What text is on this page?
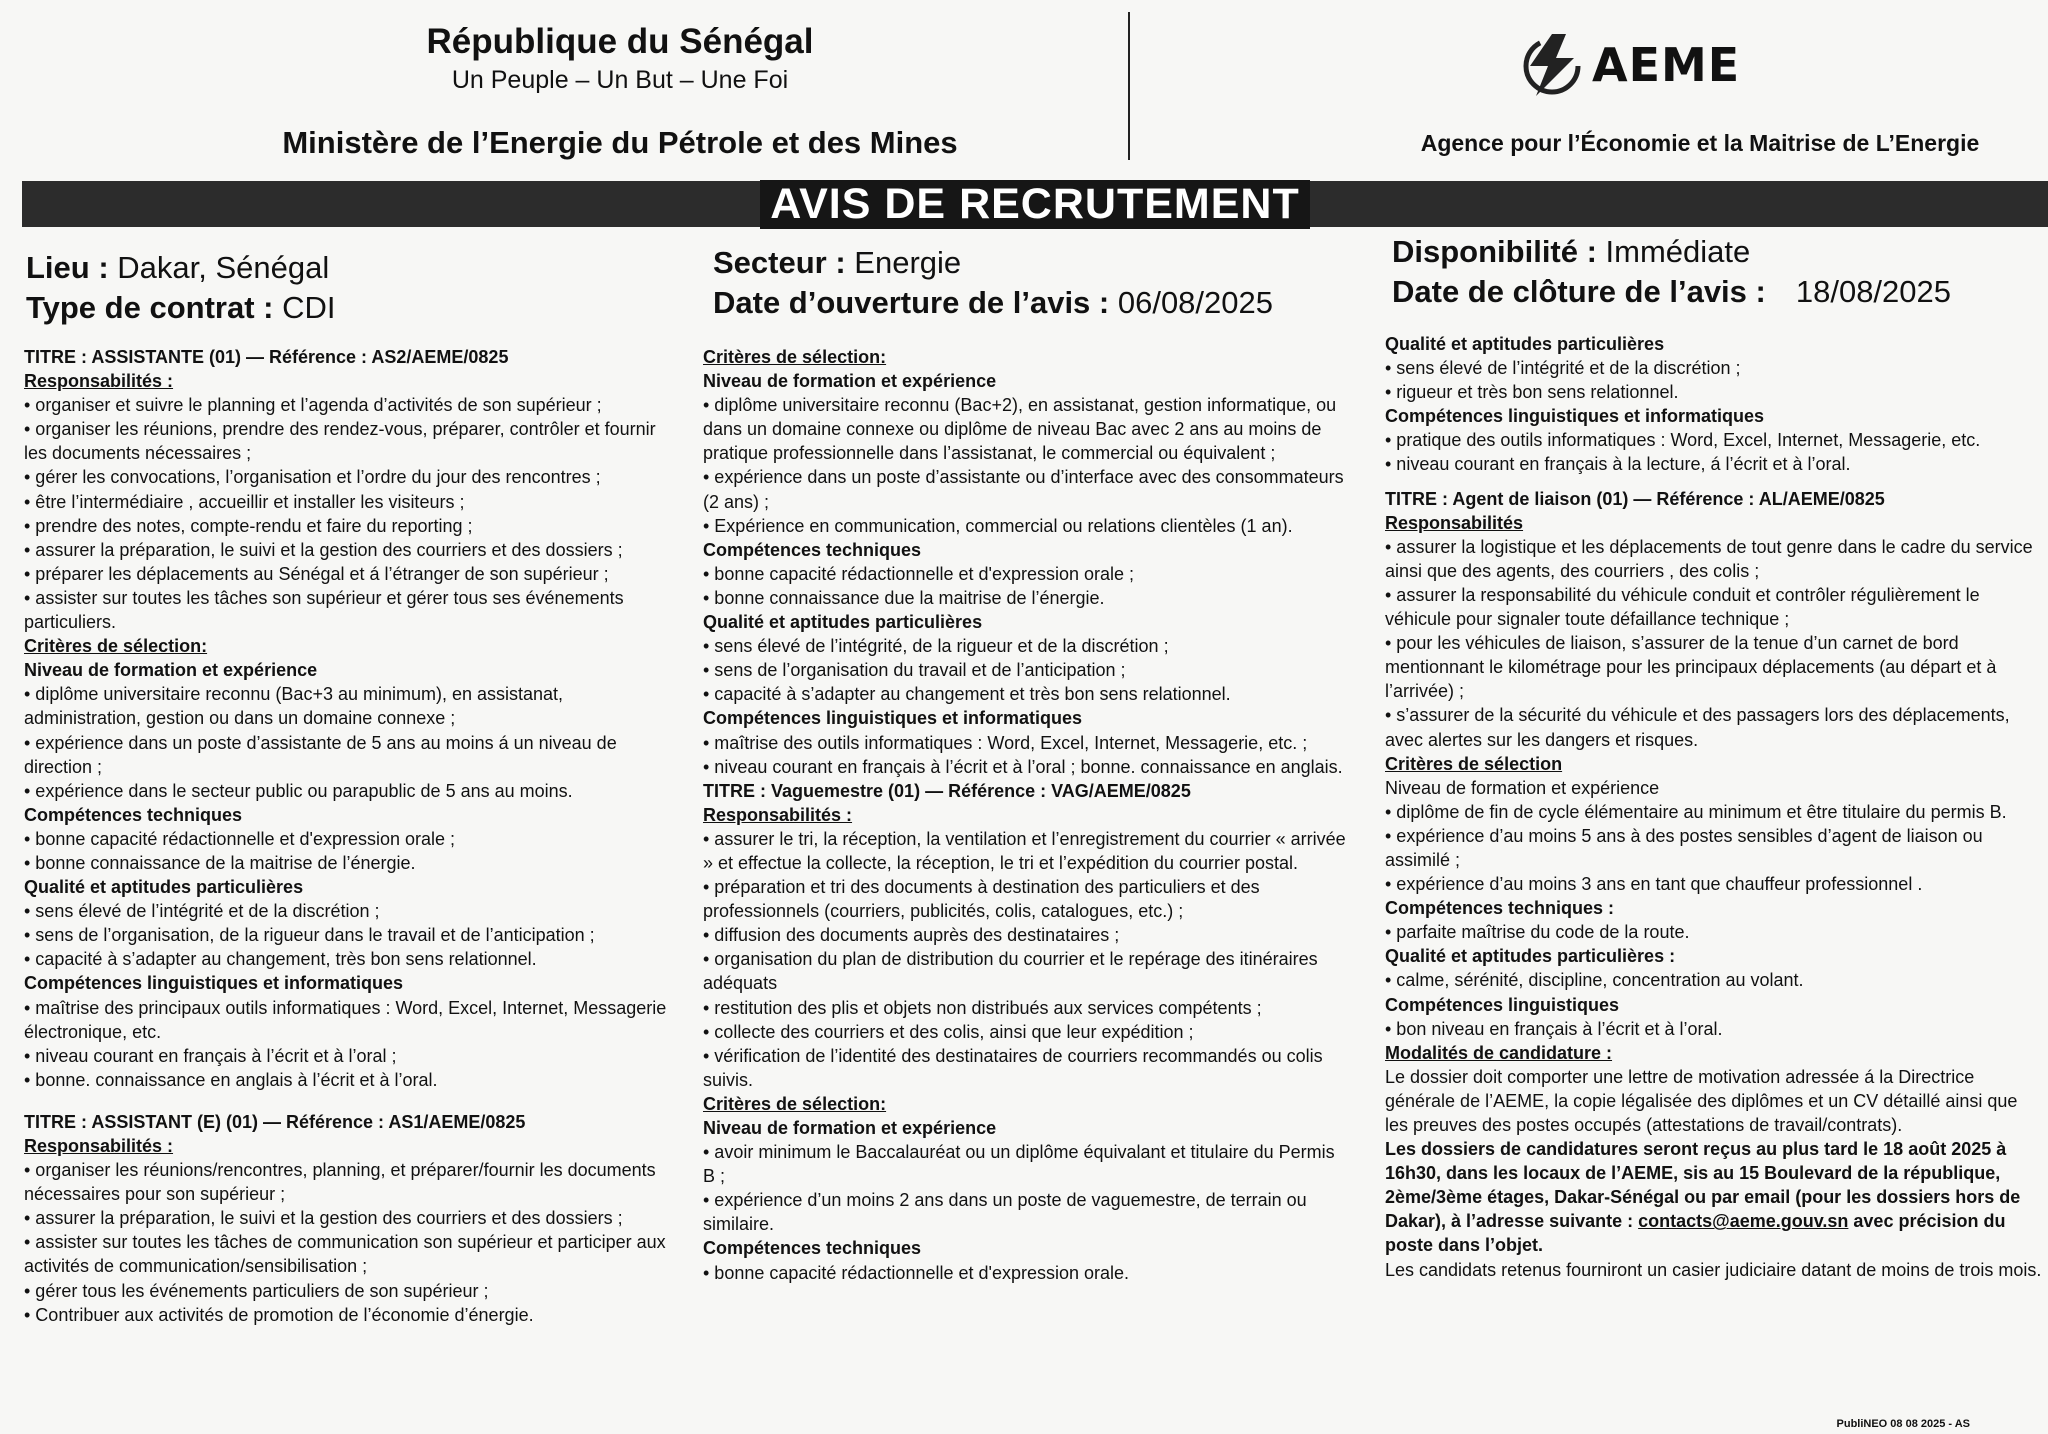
République du Sénégal
Un Peuple – Un But – Une Foi
Ministère de l’Energie du Pétrole et des Mines
AEME
Agence pour l’Économie et la Maitrise de L’Energie
AVIS DE RECRUTEMENT
Lieu : Dakar, Sénégal
Type de contrat : CDI
Secteur : Energie
Date d’ouverture de l’avis : 06/08/2025
Disponibilité : Immédiate
Date de clôture de l’avis : 18/08/2025

TITRE : ASSISTANTE (01) — Référence : AS2/AEME/0825

Responsabilités :

• organiser et suivre le planning et l’agenda d’activités de son supérieur ;

• organiser les réunions, prendre des rendez-vous, préparer, contrôler et fournir les documents nécessaires ;

• gérer les convocations, l’organisation et l’ordre du jour des rencontres ;

• être l’intermédiaire , accueillir et installer les visiteurs ;

• prendre des notes, compte-rendu et faire du reporting ;

• assurer la préparation, le suivi et la gestion des courriers et des dossiers ;

• préparer les déplacements au Sénégal et á l’étranger de son supérieur ;

• assister sur toutes les tâches son supérieur et gérer tous ses événements particuliers.

Critères de sélection:

Niveau de formation et expérience

• diplôme universitaire reconnu (Bac+3 au minimum), en assistanat, administration, gestion ou dans un domaine connexe ;

• expérience dans un poste d’assistante de 5 ans au moins á un niveau de direction ;

• expérience dans le secteur public ou parapublic de 5 ans au moins.

Compétences techniques

• bonne capacité rédactionnelle et d'expression orale ;

• bonne connaissance de la maitrise de l’énergie.

Qualité et aptitudes particulières

• sens élevé de l’intégrité et de la discrétion ;

• sens de l’organisation, de la rigueur dans le travail et de l’anticipation ;

• capacité à s’adapter au changement, très bon sens relationnel.

Compétences linguistiques et informatiques

• maîtrise des principaux outils informatiques : Word, Excel, Internet, Messagerie électronique, etc.

• niveau courant en français à l’écrit et à l’oral ;

• bonne. connaissance en anglais à l’écrit et à l’oral.

TITRE : ASSISTANT (E) (01) — Référence : AS1/AEME/0825

Responsabilités :

• organiser les réunions/rencontres, planning, et préparer/fournir les documents nécessaires pour son supérieur ;

• assurer la préparation, le suivi et la gestion des courriers et des dossiers ;

• assister sur toutes les tâches de communication son supérieur et participer aux activités de communication/sensibilisation ;

• gérer tous les événements particuliers de son supérieur ;

• Contribuer aux activités de promotion de l’économie d’énergie.

Critères de sélection:

Niveau de formation et expérience

• diplôme universitaire reconnu (Bac+2), en assistanat, gestion informatique, ou dans un domaine connexe ou diplôme de niveau Bac avec 2 ans au moins de pratique professionnelle dans l’assistanat, le commercial ou équivalent ;

• expérience dans un poste d’assistante ou d’interface avec des consommateurs (2 ans) ;

• Expérience en communication, commercial ou relations clientèles (1 an).

Compétences techniques

• bonne capacité rédactionnelle et d'expression orale ;

• bonne connaissance due la maitrise de l’énergie.

Qualité et aptitudes particulières

• sens élevé de l’intégrité, de la rigueur et de la discrétion ;

• sens de l’organisation du travail et de l’anticipation ;

• capacité à s’adapter au changement et très bon sens relationnel.

Compétences linguistiques et informatiques

• maîtrise des outils informatiques : Word, Excel, Internet, Messagerie, etc. ;

• niveau courant en français à l’écrit et à l’oral ; bonne. connaissance en anglais.

TITRE : Vaguemestre (01) — Référence : VAG/AEME/0825

Responsabilités :

• assurer le tri, la réception, la ventilation et l’enregistrement du courrier « arrivée » et effectue la collecte, la réception, le tri et l’expédition du courrier postal.

• préparation et tri des documents à destination des particuliers et des professionnels (courriers, publicités, colis, catalogues, etc.) ;

• diffusion des documents auprès des destinataires ;

• organisation du plan de distribution du courrier et le repérage des itinéraires adéquats

• restitution des plis et objets non distribués aux services compétents ;

• collecte des courriers et des colis, ainsi que leur expédition ;

• vérification de l’identité des destinataires de courriers recommandés ou colis suivis.

Critères de sélection:

Niveau de formation et expérience

• avoir minimum le Baccalauréat ou un diplôme équivalant et titulaire du Permis B ;

• expérience d’un moins 2 ans dans un poste de vaguemestre, de terrain ou similaire.

Compétences techniques

• bonne capacité rédactionnelle et d'expression orale.

Qualité et aptitudes particulières

• sens élevé de l’intégrité et de la discrétion ;

• rigueur et très bon sens relationnel.

Compétences linguistiques et informatiques

• pratique des outils informatiques : Word, Excel, Internet, Messagerie, etc.

• niveau courant en français à la lecture, á l’écrit et à l’oral.

TITRE : Agent de liaison (01) — Référence : AL/AEME/0825

Responsabilités

• assurer la logistique et les déplacements de tout genre dans le cadre du service ainsi que des agents, des courriers , des colis ;

• assurer la responsabilité du véhicule conduit et contrôler régulièrement le véhicule pour signaler toute défaillance technique ;

• pour les véhicules de liaison, s’assurer de la tenue d’un carnet de bord mentionnant le kilométrage pour les principaux déplacements (au départ et à l’arrivée) ;

• s’assurer de la sécurité du véhicule et des passagers lors des déplacements, avec alertes sur les dangers et risques.

Critères de sélection

Niveau de formation et expérience

• diplôme de fin de cycle élémentaire au minimum et être titulaire du permis B.

• expérience d’au moins 5 ans à des postes sensibles d’agent de liaison ou assimilé ;

• expérience d’au moins 3 ans en tant que chauffeur professionnel .

Compétences techniques :

• parfaite maîtrise du code de la route.

Qualité et aptitudes particulières :

• calme, sérénité, discipline, concentration au volant.

Compétences linguistiques

• bon niveau en français à l’écrit et à l’oral.

Modalités de candidature :

Le dossier doit comporter une lettre de motivation adressée á la Directrice générale de l’AEME, la copie légalisée des diplômes et un CV détaillé ainsi que les preuves des postes occupés (attestations de travail/contrats).

Les dossiers de candidatures seront reçus au plus tard le 18 août 2025 à 16h30, dans les locaux de l’AEME, sis au 15 Boulevard de la république, 2ème/3ème étages, Dakar-Sénégal ou par email (pour les dossiers hors de Dakar), à l’adresse suivante : contacts@aeme.gouv.sn avec précision du poste dans l’objet.

Les candidats retenus fourniront un casier judiciaire datant de moins de trois mois.

PubliNEO 08 08 2025 - AS
